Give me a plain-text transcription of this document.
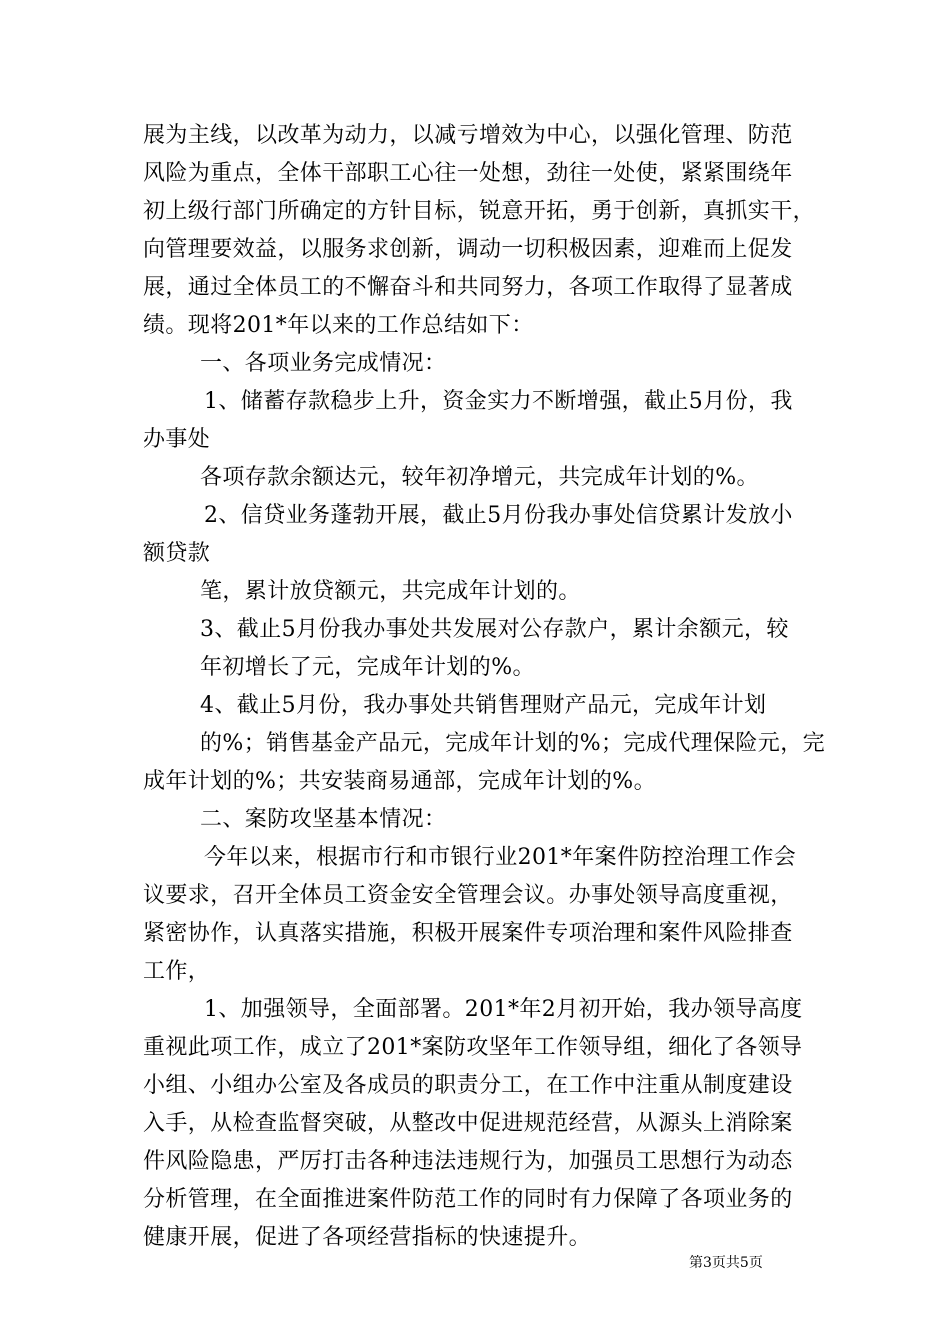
展为主线，以改革为动力，以减亏增效为中心，以强化管理、防范
风险为重点，全体干部职工心往一处想，劲往一处使，紧紧围绕年
初上级行部门所确定的方针目标，锐意开拓，勇于创新，真抓实干，
向管理要效益，以服务求创新，调动一切积极因素，迎难而上促发
展，通过全体员工的不懈奋斗和共同努力，各项工作取得了显著成
绩。现将201*年以来的工作总结如下：
一、各项业务完成情况：
1、储蓄存款稳步上升，资金实力不断增强，截止5月份，我
办事处
各项存款余额达元，较年初净增元，共完成年计划的%。
2、信贷业务蓬勃开展，截止5月份我办事处信贷累计发放小
额贷款
笔，累计放贷额元，共完成年计划的。
3、截止5月份我办事处共发展对公存款户，累计余额元，较
年初增长了元，完成年计划的%。
4、截止5月份，我办事处共销售理财产品元，完成年计划
的%；销售基金产品元，完成年计划的%；完成代理保险元，完
成年计划的%；共安装商易通部，完成年计划的%。
二、案防攻坚基本情况：
今年以来，根据市行和市银行业201*年案件防控治理工作会
议要求，召开全体员工资金安全管理会议。办事处领导高度重视，
紧密协作，认真落实措施，积极开展案件专项治理和案件风险排查
工作，
1、加强领导，全面部署。201*年2月初开始，我办领导高度
重视此项工作，成立了201*案防攻坚年工作领导组，细化了各领导
小组、小组办公室及各成员的职责分工，在工作中注重从制度建设
入手，从检查监督突破，从整改中促进规范经营，从源头上消除案
件风险隐患，严厉打击各种违法违规行为，加强员工思想行为动态
分析管理，在全面推进案件防范工作的同时有力保障了各项业务的
健康开展，促进了各项经营指标的快速提升。
第3页共5页
